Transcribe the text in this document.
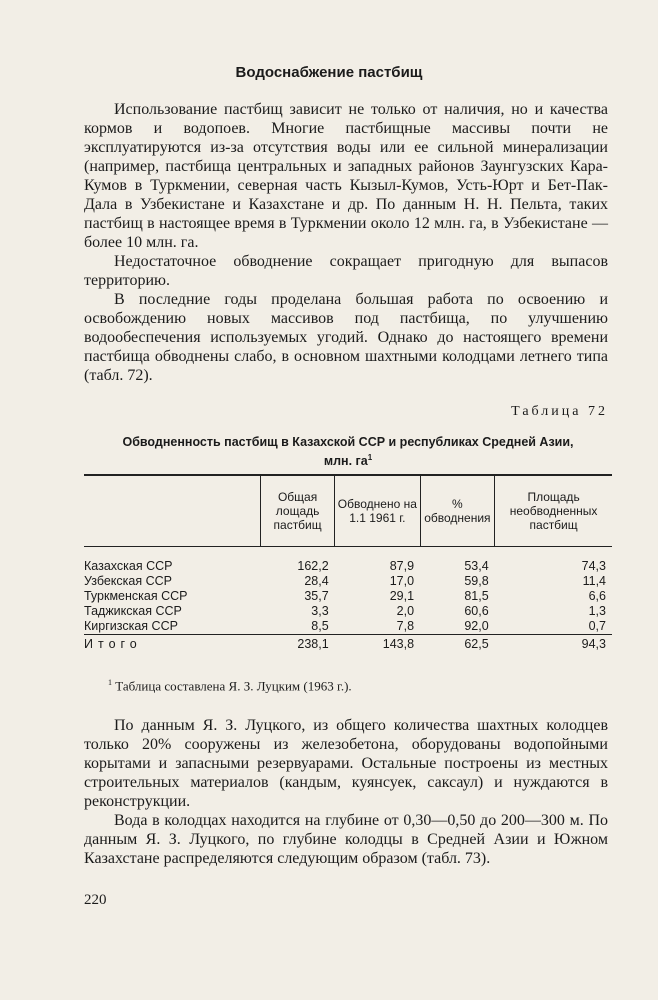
Водоснабжение пастбищ

Использование пастбищ зависит не только от наличия, но и качества кормов и водопоев. Многие пастбищные массивы почти не эксплуатируются из-за отсутствия воды или ее сильной минерализации (например, пастбища центральных и западных районов Заунгузских Кара-Кумов в Туркмении, северная часть Кызыл-Кумов, Усть-Юрт и Бет-Пак-Дала в Узбекистане и Казахстане и др. По данным Н. Н. Пельта, таких пастбищ в настоящее время в Туркмении около 12 млн. га, в Узбекистане — более 10 млн. га.

Недостаточное обводнение сокращает пригодную для выпасов территорию.

В последние годы проделана большая работа по освоению и освобождению новых массивов под пастбища, по улучшению водообеспечения используемых угодий. Однако до настоящего времени пастбища обводнены слабо, в основном шахтными колодцами летнего типа (табл. 72).

Таблица 72
Обводненность пастбищ в Казахской ССР и республиках Средней Азии,
млн. $га^1$
	Общая лощадь пастбищ	Обводнено на 1.1 1961 г.	% обводнения	Площадь необводненных пастбищ
Казахская ССР	162,2	87,9	53,4	74,3
Узбекская ССР	28,4	17,0	59,8	11,4
Туркменская ССР	35,7	29,1	81,5	6,6
Таджикская ССР	3,3	2,0	60,6	1,3
Киргизская ССР	8,5	7,8	92,0	0,7
Итого	238,1	143,8	62,5	94,3
$^1$ Таблица составлена Я. З. Луцким (1963 г.).

По данным Я. З. Луцкого, из общего количества шахтных колодцев только 20% сооружены из железобетона, оборудованы водопойными корытами и запасными резервуарами. Остальные построены из местных строительных материалов (кандым, куянсуек, саксаул) и нуждаются в реконструкции.

Вода в колодцах находится на глубине от 0,30—0,50 до 200—300 м. По данным Я. З. Луцкого, по глубине колодцы в Средней Азии и Южном Казахстане распределяются следующим образом (табл. 73).

220
